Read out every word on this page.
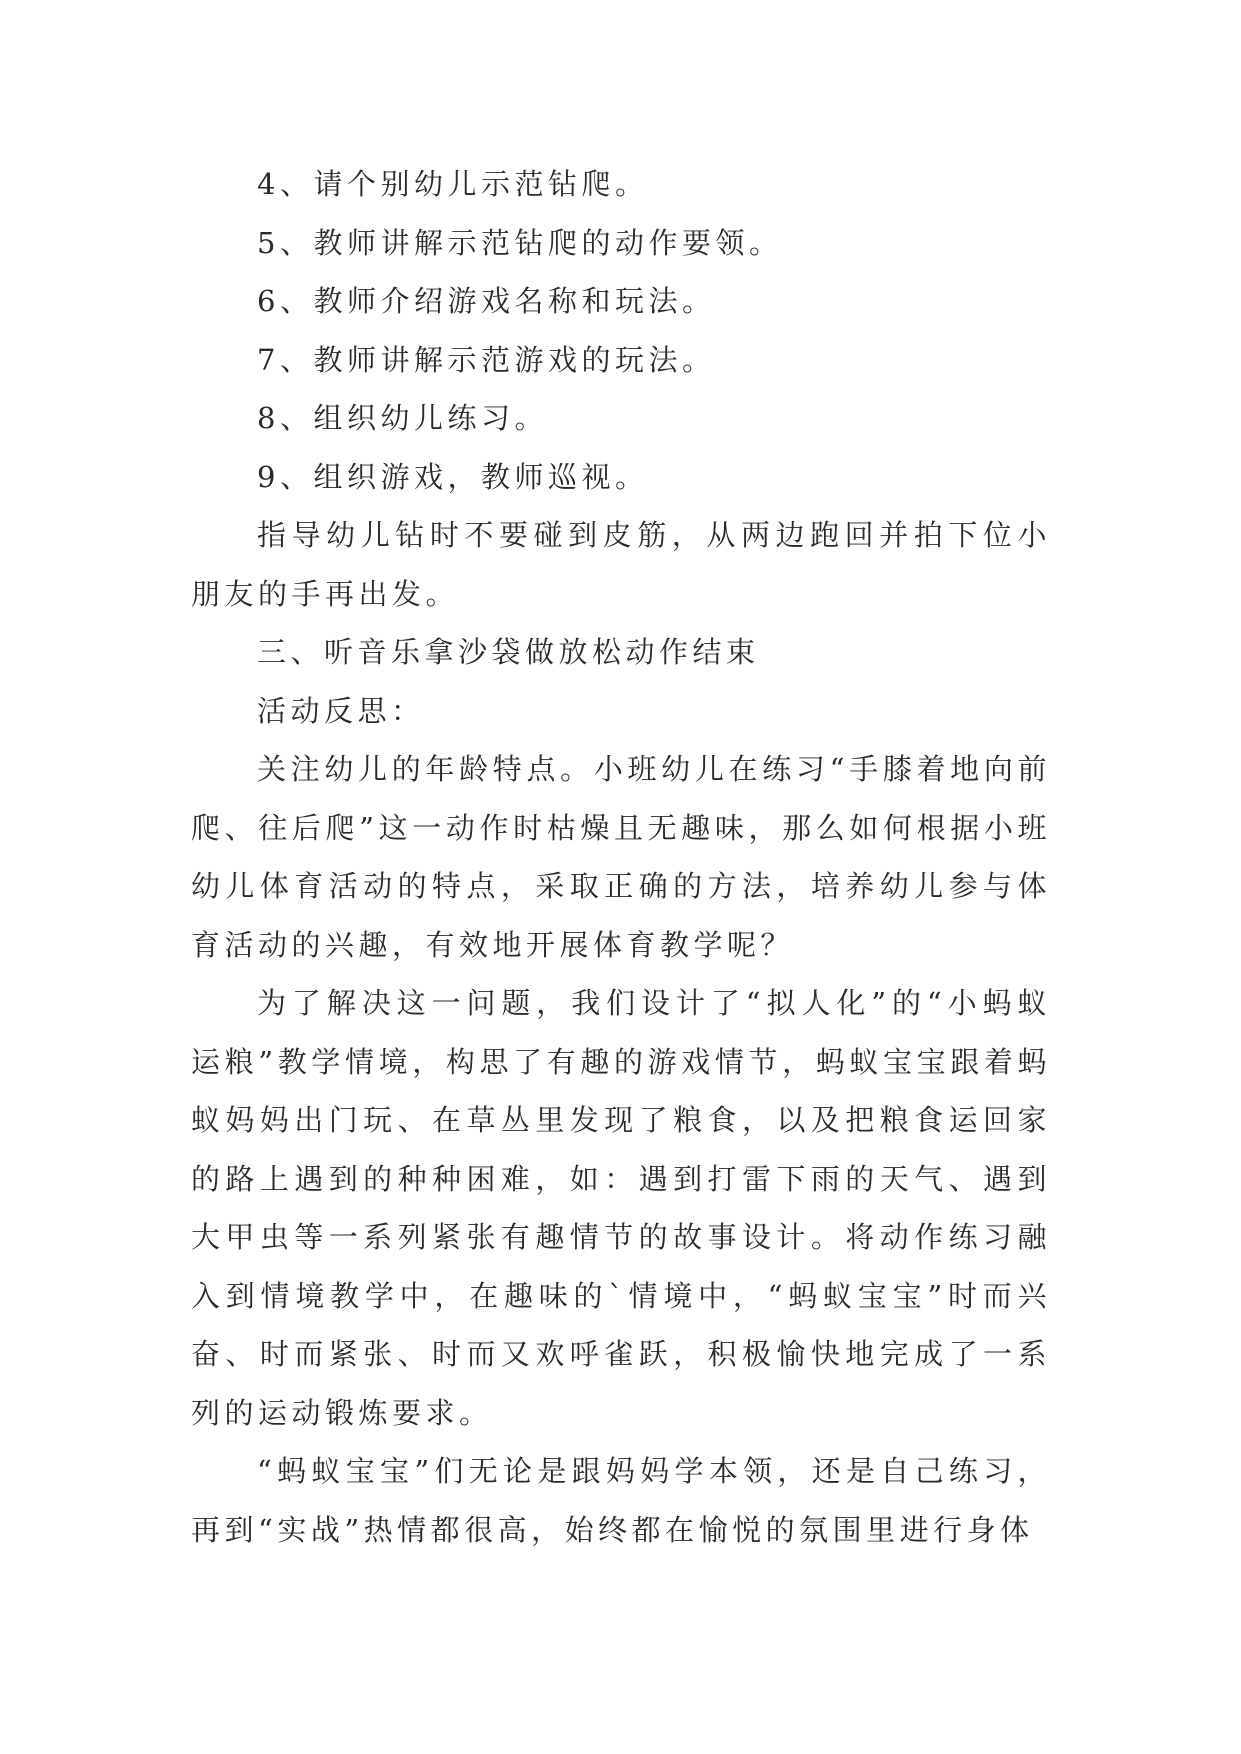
4、请个别幼儿示范钻爬。

5、教师讲解示范钻爬的动作要领。

6、教师介绍游戏名称和玩法。

7、教师讲解示范游戏的玩法。

8、组织幼儿练习。

9、组织游戏，教师巡视。

指导幼儿钻时不要碰到皮筋，从两边跑回并拍下位小朋友的手再出发。

三、听音乐拿沙袋做放松动作结束

活动反思：

关注幼儿的年龄特点。小班幼儿在练习“手膝着地向前爬、往后爬”这一动作时枯燥且无趣味，那么如何根据小班幼儿体育活动的特点，采取正确的方法，培养幼儿参与体育活动的兴趣，有效地开展体育教学呢？

为了解决这一问题，我们设计了“拟人化”的“小蚂蚁运粮”教学情境，构思了有趣的游戏情节，蚂蚁宝宝跟着蚂蚁妈妈出门玩、在草丛里发现了粮食，以及把粮食运回家的路上遇到的种种困难，如：遇到打雷下雨的天气、遇到大甲虫等一系列紧张有趣情节的故事设计。将动作练习融入到情境教学中，在趣味的`情境中，“蚂蚁宝宝”时而兴奋、时而紧张、时而又欢呼雀跃，积极愉快地完成了一系列的运动锻炼要求。

“蚂蚁宝宝”们无论是跟妈妈学本领，还是自己练习，再到“实战”热情都很高，始终都在愉悦的氛围里进行身体
